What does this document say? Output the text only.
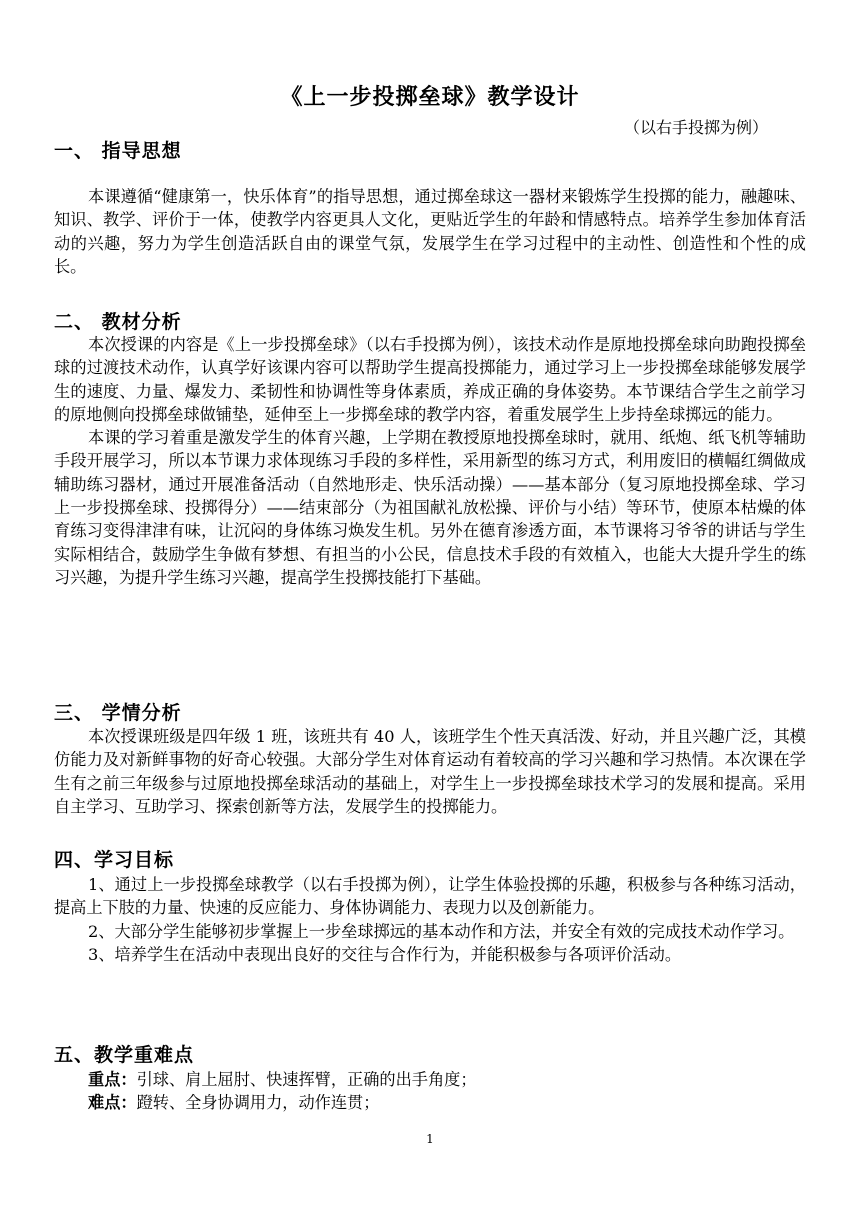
《上一步投掷垒球》教学设计
（以右手投掷为例）
一、 指导思想

本课遵循“健康第一，快乐体育”的指导思想，通过掷垒球这一器材来锻炼学生投掷的能力，融趣味、知识、教学、评价于一体，使教学内容更具人文化，更贴近学生的年龄和情感特点。培养学生参加体育活动的兴趣，努力为学生创造活跃自由的课堂气氛，发展学生在学习过程中的主动性、创造性和个性的成长。

二、 教材分析

本次授课的内容是《上一步投掷垒球》（以右手投掷为例），该技术动作是原地投掷垒球向助跑投掷垒球的过渡技术动作，认真学好该课内容可以帮助学生提高投掷能力，通过学习上一步投掷垒球能够发展学生的速度、力量、爆发力、柔韧性和协调性等身体素质，养成正确的身体姿势。本节课结合学生之前学习的原地侧向投掷垒球做铺垫，延伸至上一步掷垒球的教学内容，着重发展学生上步持垒球掷远的能力。

本课的学习着重是激发学生的体育兴趣，上学期在教授原地投掷垒球时，就用、纸炮、纸飞机等辅助手段开展学习，所以本节课力求体现练习手段的多样性，采用新型的练习方式，利用废旧的横幅红绸做成辅助练习器材，通过开展准备活动（自然地形走、快乐活动操）——基本部分（复习原地投掷垒球、学习上一步投掷垒球、投掷得分）——结束部分（为祖国献礼放松操、评价与小结）等环节，使原本枯燥的体育练习变得津津有味，让沉闷的身体练习焕发生机。另外在德育渗透方面，本节课将习爷爷的讲话与学生实际相结合，鼓励学生争做有梦想、有担当的小公民，信息技术手段的有效植入，也能大大提升学生的练习兴趣，为提升学生练习兴趣，提高学生投掷技能打下基础。

三、 学情分析

本次授课班级是四年级 1 班，该班共有 40 人，该班学生个性天真活泼、好动，并且兴趣广泛，其模仿能力及对新鲜事物的好奇心较强。大部分学生对体育运动有着较高的学习兴趣和学习热情。本次课在学生有之前三年级参与过原地投掷垒球活动的基础上，对学生上一步投掷垒球技术学习的发展和提高。采用自主学习、互助学习、探索创新等方法，发展学生的投掷能力。

四、学习目标

1、通过上一步投掷垒球教学（以右手投掷为例），让学生体验投掷的乐趣，积极参与各种练习活动，提高上下肢的力量、快速的反应能力、身体协调能力、表现力以及创新能力。

2、大部分学生能够初步掌握上一步垒球掷远的基本动作和方法，并安全有效的完成技术动作学习。

3、培养学生在活动中表现出良好的交往与合作行为，并能积极参与各项评价活动。

五、教学重难点

重点：引球、肩上屈肘、快速挥臂，正确的出手角度；

难点：蹬转、全身协调用力，动作连贯；

1
